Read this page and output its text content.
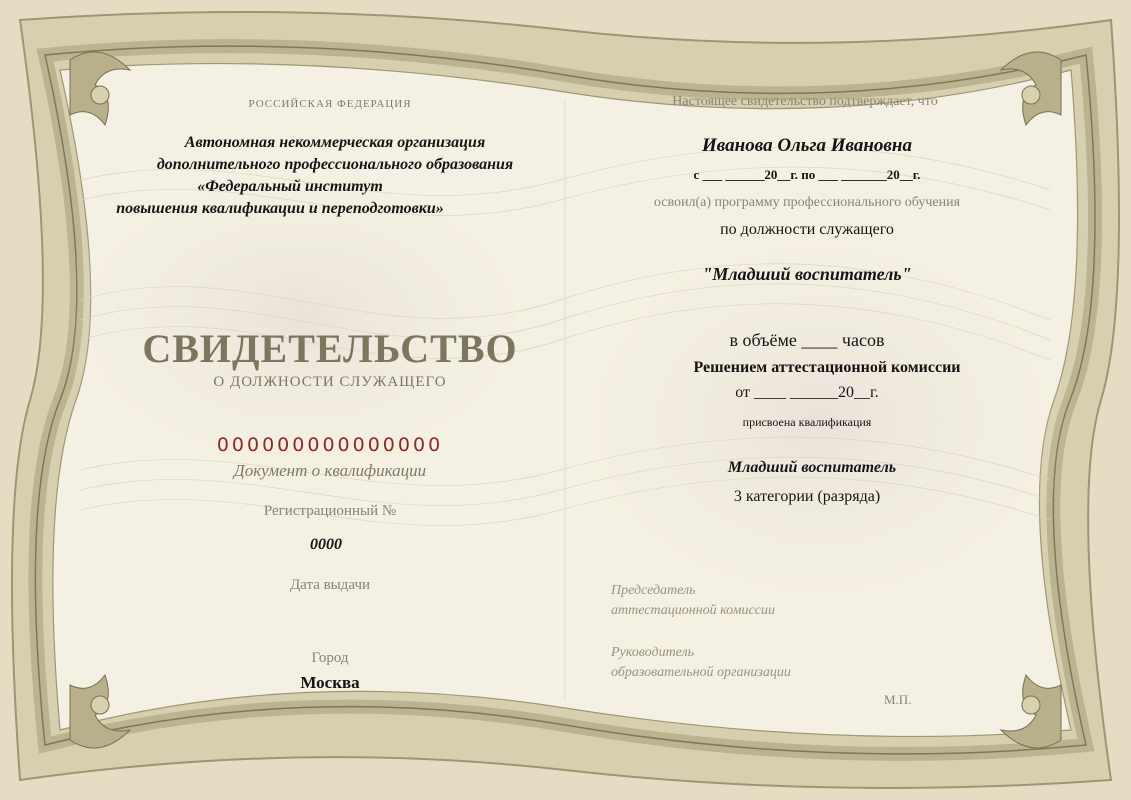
РОССИЙСКАЯ ФЕДЕРАЦИЯ
Автономная некоммерческая организация
дополнительного профессионального образования
«Федеральный институт
повышения квалификации и переподготовки»
СВИДЕТЕЛЬСТВО
О ДОЛЖНОСТИ СЛУЖАЩЕГО
000000000000000
Документ о квалификации
Регистрационный №
0000
Дата выдачи
Город
Москва
Настоящее свидетельство подтверждает, что
Иванова Ольга Ивановна
с ___ ______20__г. по ___ _______20__г.
освоил(а) программу профессионального обучения
по должности служащего
"Младший воспитатель"
в объёме ____ часов
Решением аттестационной комиссии
от ____ ______20__г.
присвоена квалификация
Младший воспитатель
3 категории (разряда)
Председатель
аттестационной комиссии
Руководитель
образовательной организации
М.П.
